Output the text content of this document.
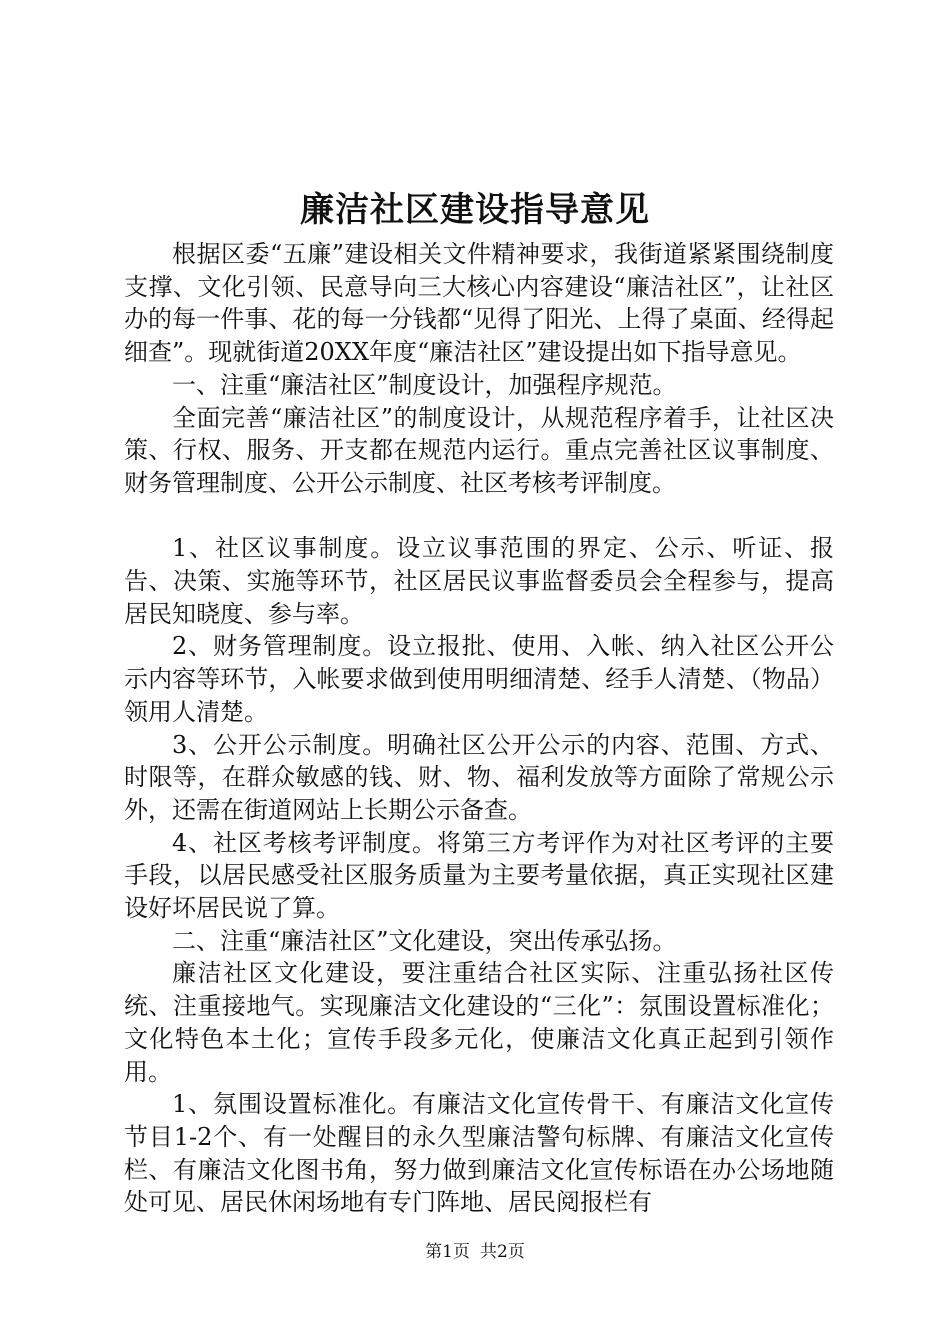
廉洁社区建设指导意见

根据区委“五廉”建设相关文件精神要求，我街道紧紧围绕制度支撑、文化引领、民意导向三大核心内容建设“廉洁社区”，让社区办的每一件事、花的每一分钱都“见得了阳光、上得了桌面、经得起细查”。现就街道20XX年度“廉洁社区”建设提出如下指导意见。

一、注重“廉洁社区”制度设计，加强程序规范。

全面完善“廉洁社区”的制度设计，从规范程序着手，让社区决策、行权、服务、开支都在规范内运行。重点完善社区议事制度、财务管理制度、公开公示制度、社区考核考评制度。

1、社区议事制度。设立议事范围的界定、公示、听证、报告、决策、实施等环节，社区居民议事监督委员会全程参与，提高居民知晓度、参与率。

2、财务管理制度。设立报批、使用、入帐、纳入社区公开公示内容等环节，入帐要求做到使用明细清楚、经手人清楚、（物品）领用人清楚。

3、公开公示制度。明确社区公开公示的内容、范围、方式、时限等，在群众敏感的钱、财、物、福利发放等方面除了常规公示外，还需在街道网站上长期公示备查。

4、社区考核考评制度。将第三方考评作为对社区考评的主要手段，以居民感受社区服务质量为主要考量依据，真正实现社区建设好坏居民说了算。

二、注重“廉洁社区”文化建设，突出传承弘扬。

廉洁社区文化建设，要注重结合社区实际、注重弘扬社区传统、注重接地气。实现廉洁文化建设的“三化”：氛围设置标准化；文化特色本土化；宣传手段多元化，使廉洁文化真正起到引领作用。

1、氛围设置标准化。有廉洁文化宣传骨干、有廉洁文化宣传节目1-2个、有一处醒目的永久型廉洁警句标牌、有廉洁文化宣传栏、有廉洁文化图书角，努力做到廉洁文化宣传标语在办公场地随处可见、居民休闲场地有专门阵地、居民阅报栏有

第1页 共2页
